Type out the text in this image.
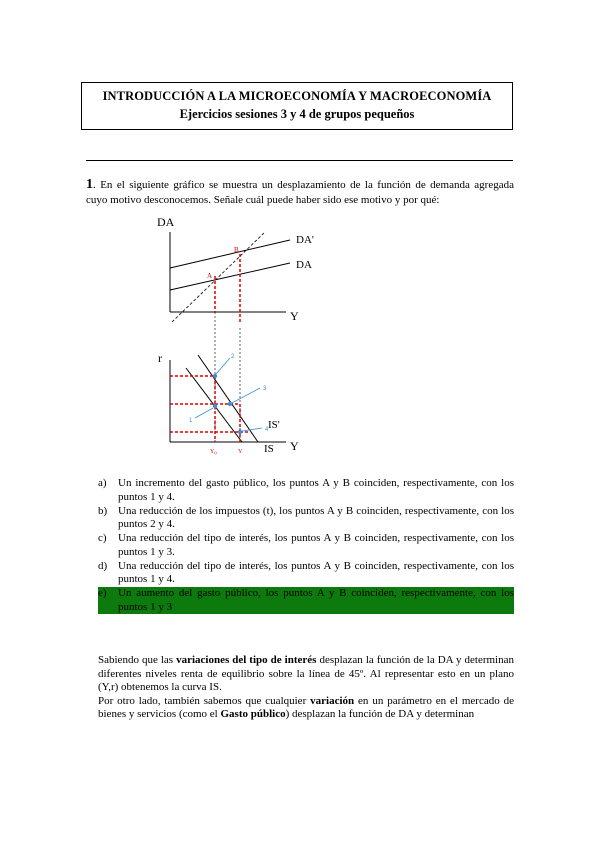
INTRODUCCIÓN A LA MICROECONOMÍA Y MACROECONOMÍA
Ejercicios sesiones 3 y 4 de grupos pequeños
1. En el siguiente gráfico se muestra un desplazamiento de la función de demanda agregada cuyo motivo desconocemos. Señale cuál puede haber sido ese motivo y por qué:
DA
Y
DA'
DA
A
B
r
Y
IS'
IS
1
2
3
4
$Y_0$	Y
a)	Un incremento del gasto público, los puntos A y B coinciden, respectivamente, con los puntos 1 y 4.
b) Una reducción de los impuestos (t), los puntos A y B coinciden, respectivamente, con los puntos 2 y 4.
c)	Una reducción del tipo de interés, los puntos A y B coinciden, respectivamente, con los puntos 1 y 3.
d) Una reducción del tipo de interés, los puntos A y B coinciden, respectivamente, con los puntos 1 y 4.
e)	Un aumento del gasto público, los puntos A y B coinciden, respectivamente, con los puntos 1 y 3

Sabiendo que las variaciones del tipo de interés desplazan la función de la DA y determinan diferentes niveles renta de equilibrio sobre la línea de 45º. Al representar esto en un plano (Y,r) obtenemos la curva IS.

Por otro lado, también sabemos que cualquier variación en un parámetro en el mercado de bienes y servicios (como el Gasto público) desplazan la función de DA y determinan
